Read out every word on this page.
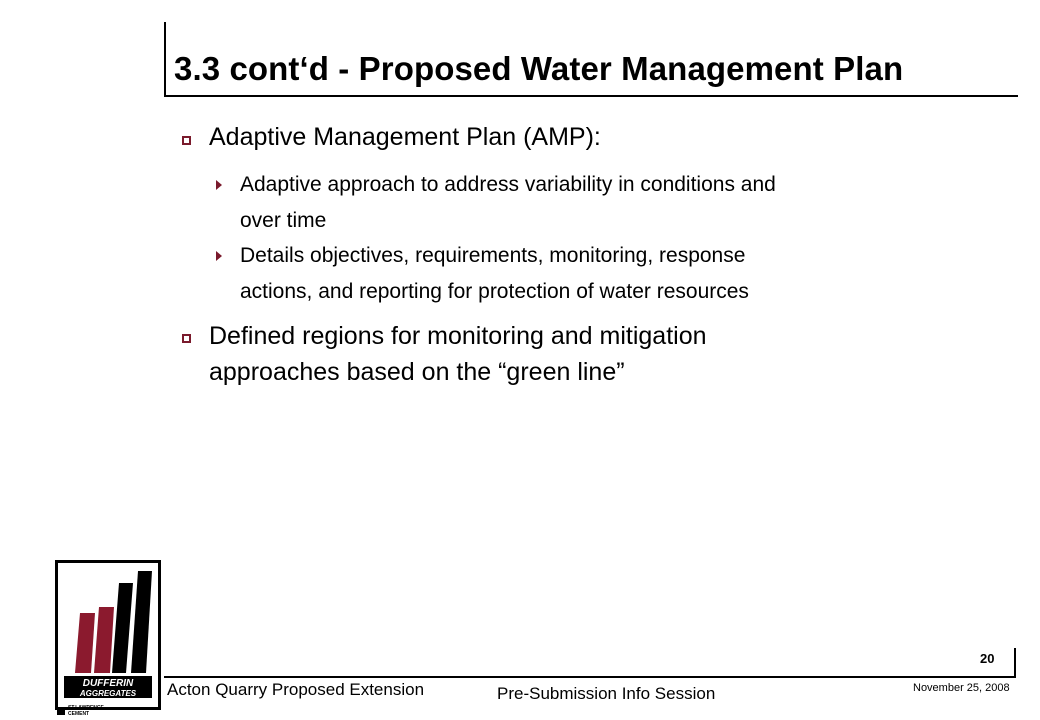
3.3 cont‘d - Proposed Water Management Plan
Adaptive Management Plan (AMP):
Adaptive approach to address variability in conditions and
over time
Details objectives, requirements, monitoring, response
actions, and reporting for protection of water resources
Defined regions for monitoring and mitigation
approaches based on the “green line”
DUFFERIN
AGGREGATES
ST.LAWRENCE
CEMENT
20
Acton Quarry Proposed Extension	Pre-Submission Info Session	November 25, 2008
